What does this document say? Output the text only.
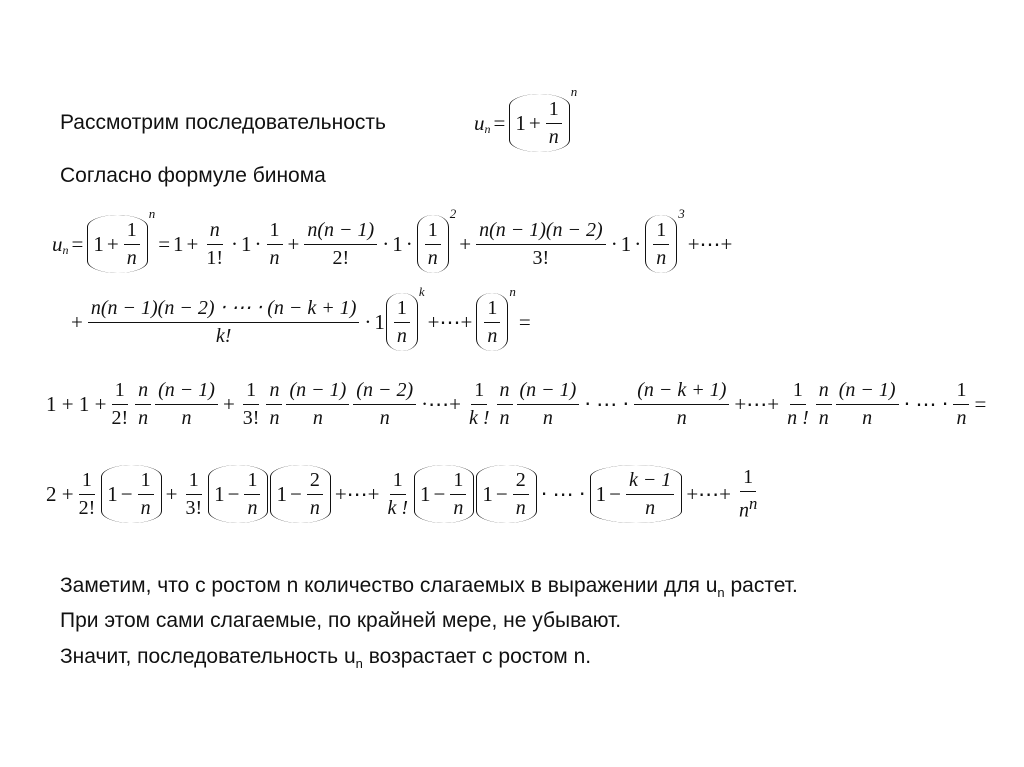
Рассмотрим последовательность	u $n = 1 + \frac{1}{n}$
n
Согласно формуле бинома
u $n = 1 + \frac{1}{n}$
n
= $1 + \frac{n}{1!} \cdot 1 \cdot \frac{1}{n} + \frac{n(n - 1)}{2!} \cdot 1 \cdot \frac{1}{n}$
2
+ $\frac{n(n - 1)(n - 2)}{3!} \cdot 1 \cdot \frac{1}{n}$
3
+⋯+
+ $\frac{n(n - 1)(n - 2) \cdot \cdots \cdot (n - k + 1)}{k!} \cdot 1 \frac{1}{n}$
k
+⋯+ $\frac{1}{n}$
n
=
$1 + 1 + \frac{1}{2!} \frac{n}{n} \frac{(n - 1)}{n} + \frac{1}{3!} \frac{n}{n} \frac{(n - 1)}{n} \frac{(n - 2)}{n}$ ·⋯+ $\frac{1}{k !} \frac{n}{n} \frac{(n - 1)}{n}$ ⋅ ⋯ ⋅ $\frac{(n - k + 1)}{n}$ +⋯+ $\frac{1}{n !} \frac{n}{n} \frac{(n - 1)}{n}$ ⋅ ⋯ ⋅ $\frac{1}{n}$ =
$2 + \frac{1}{2!} 1 - \frac{1}{n} + \frac{1}{3!} 1 - \frac{1}{n} 1 - \frac{2}{n}$ +⋯+ $\frac{1}{k !} 1 - \frac{1}{n} 1 - \frac{2}{n}$ ⋅ ⋯ ⋅ $1 - \frac{k - 1}{n}$ +⋯+ $\frac{1}{n^n}$
Заметим, что с ростом n количество слагаемых в выражении для $u_n$ растет.
При этом сами слагаемые, по крайней мере, не убывают.
Значит, последовательность $u_n$ возрастает с ростом n.
